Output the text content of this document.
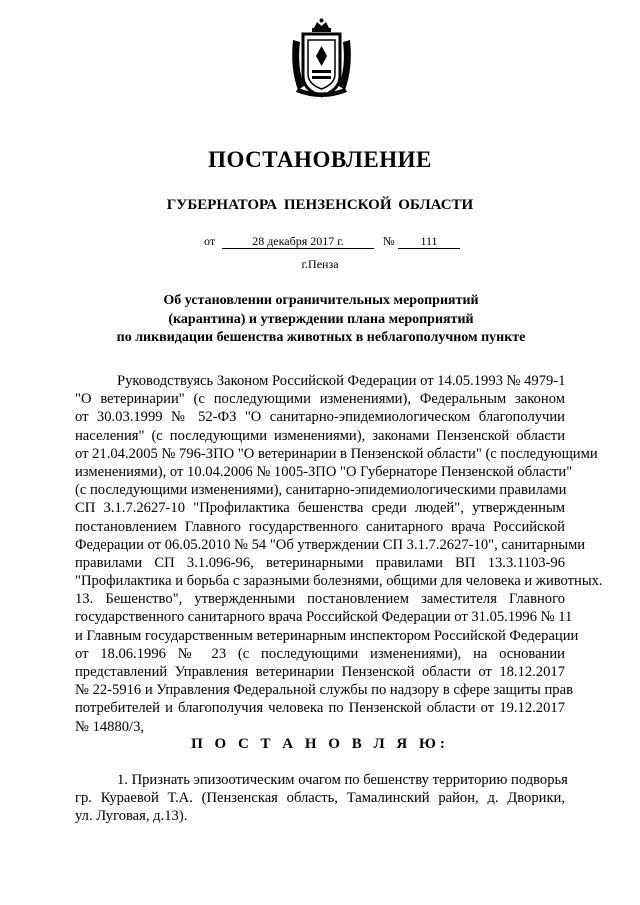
ПОСТАНОВЛЕНИЕ
ГУБЕРНАТОРА ПЕНЗЕНСКОЙ ОБЛАСТИ
от	28 декабря 2017 г.	№	111
г.Пенза
Об установлении ограничительных мероприятий
(карантина) и утверждении плана мероприятий
по ликвидации бешенства животных в неблагополучном пункте
Руководствуясь Законом Российской Федерации от 14.05.1993 № 4979-1
"О ветеринарии" (с последующими изменениями), Федеральным законом
от 30.03.1999 № 52-ФЗ "О санитарно-эпидемиологическом благополучии
населения" (с последующими изменениями), законами Пензенской области
от 21.04.2005 № 796-ЗПО "О ветеринарии в Пензенской области" (с последующими
изменениями), от 10.04.2006 № 1005-ЗПО "О Губернаторе Пензенской области"
(с последующими изменениями), санитарно-эпидемиологическими правилами
СП 3.1.7.2627-10 "Профилактика бешенства среди людей", утвержденным
постановлением Главного государственного санитарного врача Российской
Федерации от 06.05.2010 № 54 "Об утверждении СП 3.1.7.2627-10", санитарными
правилами СП 3.1.096-96, ветеринарными правилами ВП 13.3.1103-96
"Профилактика и борьба с заразными болезнями, общими для человека и животных.
13. Бешенство", утвержденными постановлением заместителя Главного
государственного санитарного врача Российской Федерации от 31.05.1996 № 11
и Главным государственным ветеринарным инспектором Российской Федерации
от 18.06.1996 № 23 (с последующими изменениями), на основании
представлений Управления ветеринарии Пензенской области от 18.12.2017
№ 22-5916 и Управления Федеральной службы по надзору в сфере защиты прав
потребителей и благополучия человека по Пензенской области от 19.12.2017
№ 14880/3,
П О С Т А Н О В Л Я Ю:
1. Признать эпизоотическим очагом по бешенству территорию подворья
гр. Кураевой Т.А. (Пензенская область, Тамалинский район, д. Дворики,
ул. Луговая, д.13).
